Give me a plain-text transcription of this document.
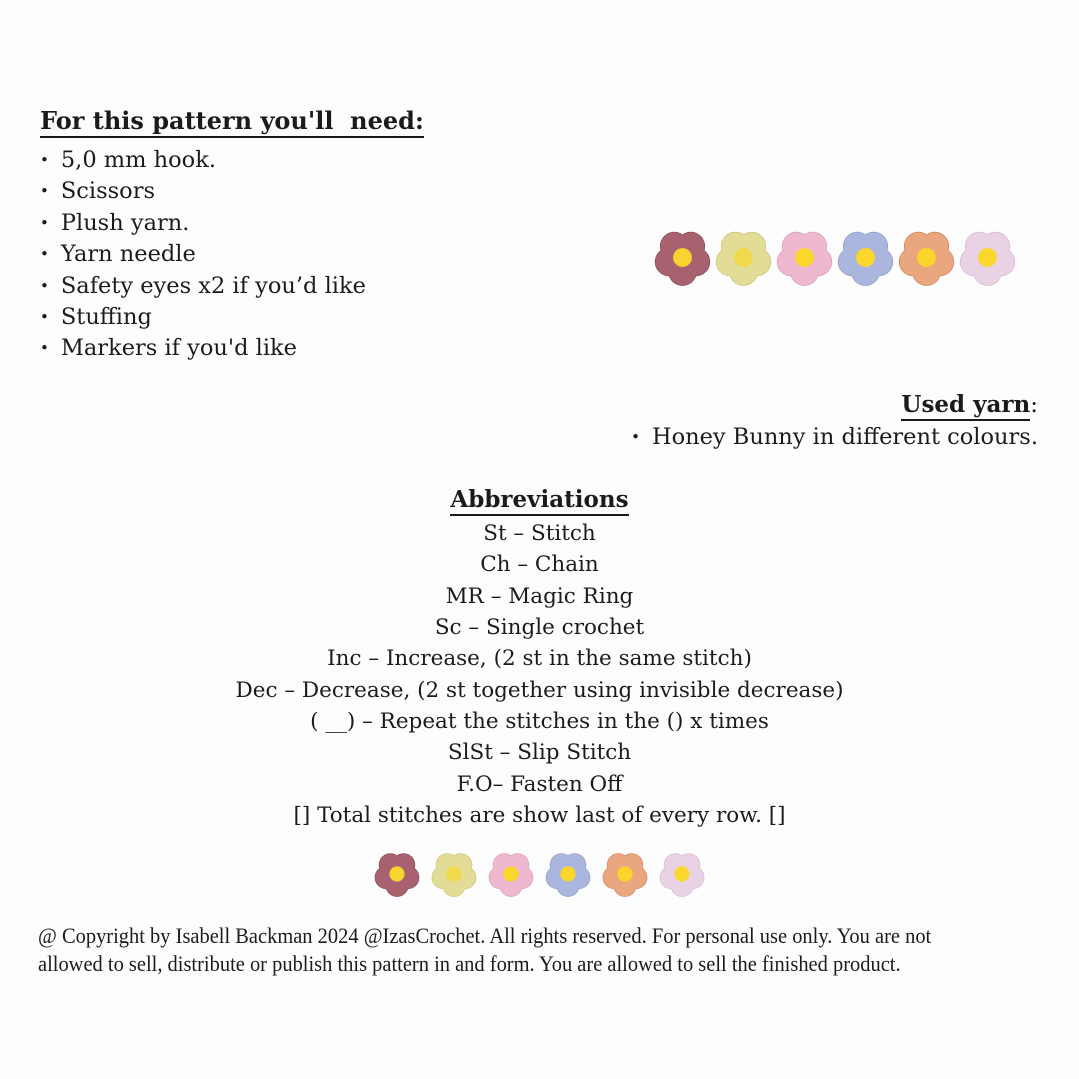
For this pattern you'll  need:
• 5,0 mm hook.
• Scissors
• Plush yarn.
• Yarn needle
• Safety eyes x2 if you’d like
• Stuffing
• Markers if you'd like
Used yarn:
• Honey Bunny in different colours.
Abbreviations
St – Stitch
Ch – Chain
MR – Magic Ring
Sc – Single crochet
Inc – Increase, (2 st in the same stitch)
Dec – Decrease, (2 st together using invisible decrease)
( __) – Repeat the stitches in the () x times
SlSt – Slip Stitch
F.O– Fasten Off
[] Total stitches are show last of every row. []
@ Copyright by Isabell Backman 2024 @IzasCrochet. All rights reserved. For personal use only. You are not
allowed to sell, distribute or publish this pattern in and form. You are allowed to sell the finished product.
